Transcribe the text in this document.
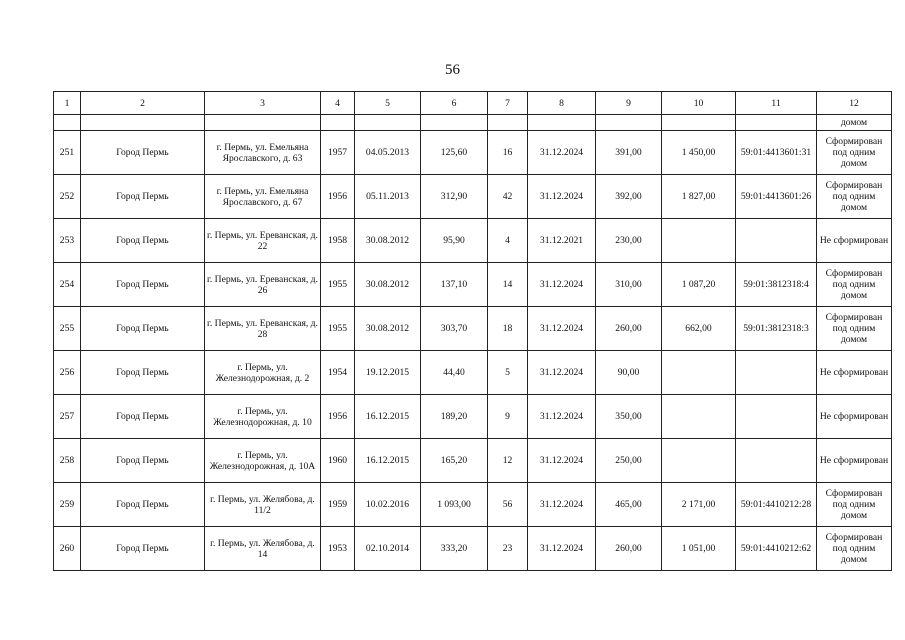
56
1	2	3	4	5	6	7	8	9	10	11	12
											домом
251	Город Пермь	г. Пермь, ул. Емельяна Ярославского, д. 63	1957	04.05.2013	125,60	16	31.12.2024	391,00	1 450,00	59:01:4413601:31	Сформирован под одним домом
252	Город Пермь	г. Пермь, ул. Емельяна Ярославского, д. 67	1956	05.11.2013	312,90	42	31.12.2024	392,00	1 827,00	59:01:4413601:26	Сформирован под одним домом
253	Город Пермь	г. Пермь, ул. Ереванская, д. 22	1958	30.08.2012	95,90	4	31.12.2021	230,00			Не сформирован
254	Город Пермь	г. Пермь, ул. Ереванская, д. 26	1955	30.08.2012	137,10	14	31.12.2024	310,00	1 087,20	59:01:3812318:4	Сформирован под одним домом
255	Город Пермь	г. Пермь, ул. Ереванская, д. 28	1955	30.08.2012	303,70	18	31.12.2024	260,00	662,00	59:01:3812318:3	Сформирован под одним домом
256	Город Пермь	г. Пермь, ул. Железнодорожная, д. 2	1954	19.12.2015	44,40	5	31.12.2024	90,00			Не сформирован
257	Город Пермь	г. Пермь, ул. Железнодорожная, д. 10	1956	16.12.2015	189,20	9	31.12.2024	350,00			Не сформирован
258	Город Пермь	г. Пермь, ул. Железнодорожная, д. 10А	1960	16.12.2015	165,20	12	31.12.2024	250,00			Не сформирован
259	Город Пермь	г. Пермь, ул. Желябова, д. 11/2	1959	10.02.2016	1 093,00	56	31.12.2024	465,00	2 171,00	59:01:4410212:28	Сформирован под одним домом
260	Город Пермь	г. Пермь, ул. Желябова, д. 14	1953	02.10.2014	333,20	23	31.12.2024	260,00	1 051,00	59:01:4410212:62	Сформирован под одним домом
